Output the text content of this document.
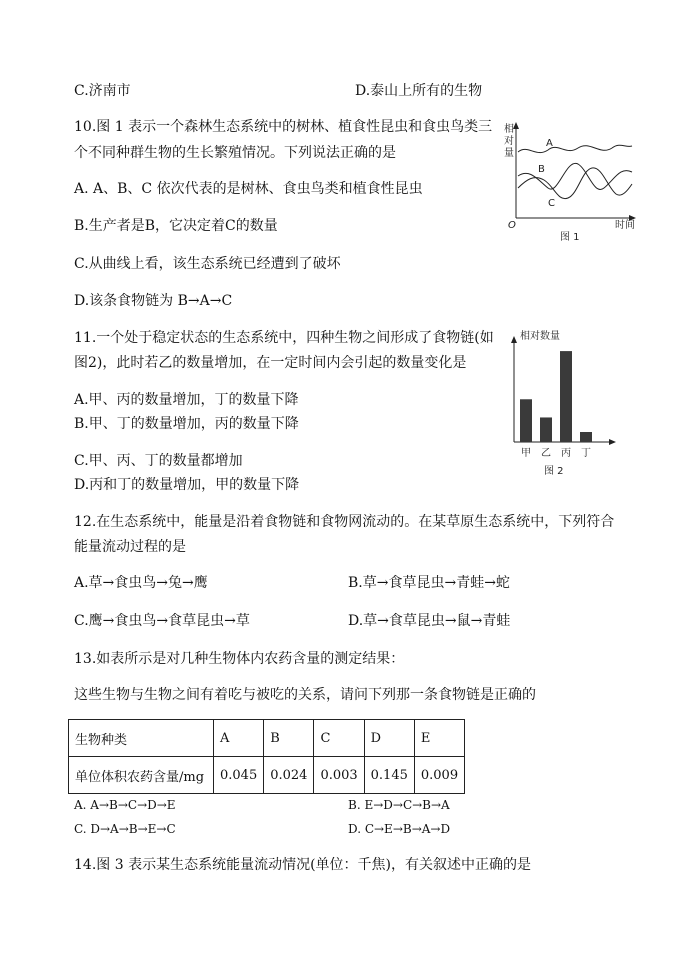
C.济南市	D.泰山上所有的生物
10.图 1 表示一个森林生态系统中的树林、植食性昆虫和食虫鸟类三
个不同种群生物的生长繁殖情况。下列说法正确的是
A. A、B、C 依次代表的是树林、食虫鸟类和植食性昆虫
B.生产者是B，它决定着C的数量
C.从曲线上看，该生态系统已经遭到了破坏
D.该条食物链为 B→A→C
相
对
量
O	时间
A
B
C
图 1
11.一个处于稳定状态的生态系统中，四种生物之间形成了食物链(如
图2)，此时若乙的数量增加，在一定时间内会引起的数量变化是
A.甲、丙的数量增加，丁的数量下降
B.甲、丁的数量增加，丙的数量下降
C.甲、丙、丁的数量都增加
D.丙和丁的数量增加，甲的数量下降
相对数量
甲 乙 丙 丁
图 2
12.在生态系统中，能量是沿着食物链和食物网流动的。在某草原生态系统中，下列符合
能量流动过程的是
A.草→食虫鸟→兔→鹰	B.草→食草昆虫→青蛙→蛇
C.鹰→食虫鸟→食草昆虫→草	D.草→食草昆虫→鼠→青蛙
13.如表所示是对几种生物体内农药含量的测定结果：
这些生物与生物之间有着吃与被吃的关系，请问下列那一条食物链是正确的
生物种类	A	B	C	D	E
单位体积农药含量/mg	0.045	0.024	0.003	0.145	0.009
A. A→B→C→D→E	B. E→D→C→B→A
C. D→A→B→E→C	D. C→E→B→A→D
14.图 3 表示某生态系统能量流动情况(单位：千焦)，有关叙述中正确的是
